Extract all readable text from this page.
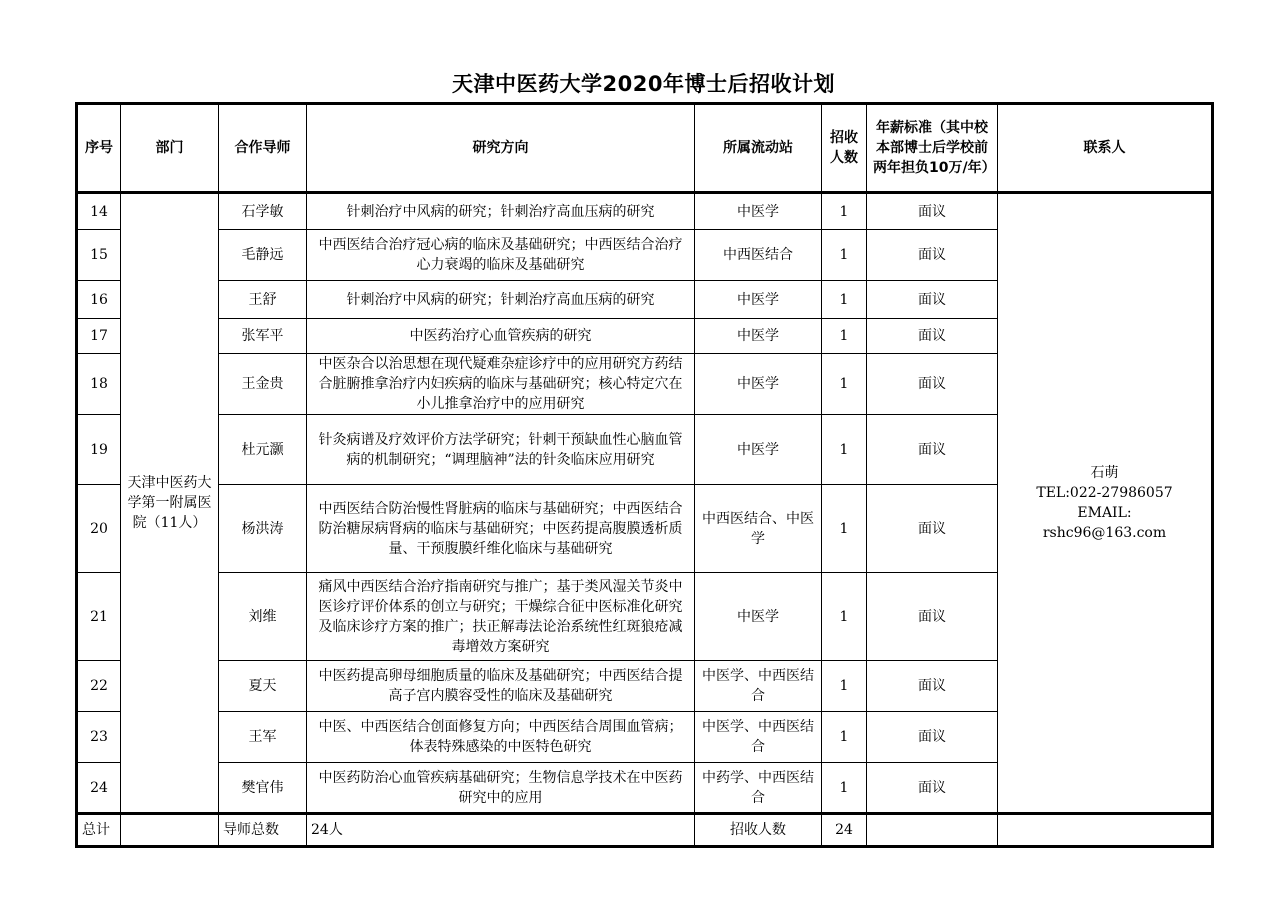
天津中医药大学2020年博士后招收计划
序号	部门	合作导师	研究方向	所属流动站	招收人数	年薪标准（其中校本部博士后学校前两年担负10万/年）	联系人
14	天津中医药大学第一附属医院（11人）	石学敏	针刺治疗中风病的研究；针刺治疗高血压病的研究	中医学	1	面议	石萌
TEL:022-27986057
EMAIL:
rshc96@163.com

15		毛静远	中西医结合治疗冠心病的临床及基础研究；中西医结合治疗心力衰竭的临床及基础研究	中西医结合	1	面议	
16		王舒	针刺治疗中风病的研究；针刺治疗高血压病的研究	中医学	1	面议	
17		张军平	中医药治疗心血管疾病的研究	中医学	1	面议	
18		王金贵	中医杂合以治思想在现代疑难杂症诊疗中的应用研究方药结合脏腑推拿治疗内妇疾病的临床与基础研究；核心特定穴在小儿推拿治疗中的应用研究	中医学	1	面议	
19		杜元灏	针灸病谱及疗效评价方法学研究；针刺干预缺血性心脑血管病的机制研究；“调理脑神”法的针灸临床应用研究	中医学	1	面议	
20		杨洪涛	中西医结合防治慢性肾脏病的临床与基础研究；中西医结合防治糖尿病肾病的临床与基础研究；中医药提高腹膜透析质量、干预腹膜纤维化临床与基础研究	中西医结合、中医学	1	面议	
21		刘维	痛风中西医结合治疗指南研究与推广；基于类风湿关节炎中医诊疗评价体系的创立与研究；干燥综合征中医标准化研究及临床诊疗方案的推广；扶正解毒法论治系统性红斑狼疮减毒增效方案研究	中医学	1	面议	
22		夏天	中医药提高卵母细胞质量的临床及基础研究；中西医结合提高子宫内膜容受性的临床及基础研究	中医学、中西医结合	1	面议	
23		王军	中医、中西医结合创面修复方向；中西医结合周围血管病；体表特殊感染的中医特色研究	中医学、中西医结合	1	面议	
24		樊官伟	中医药防治心血管疾病基础研究；生物信息学技术在中医药研究中的应用	中药学、中西医结合	1	面议	
总计		导师总数	24人	招收人数	24		
